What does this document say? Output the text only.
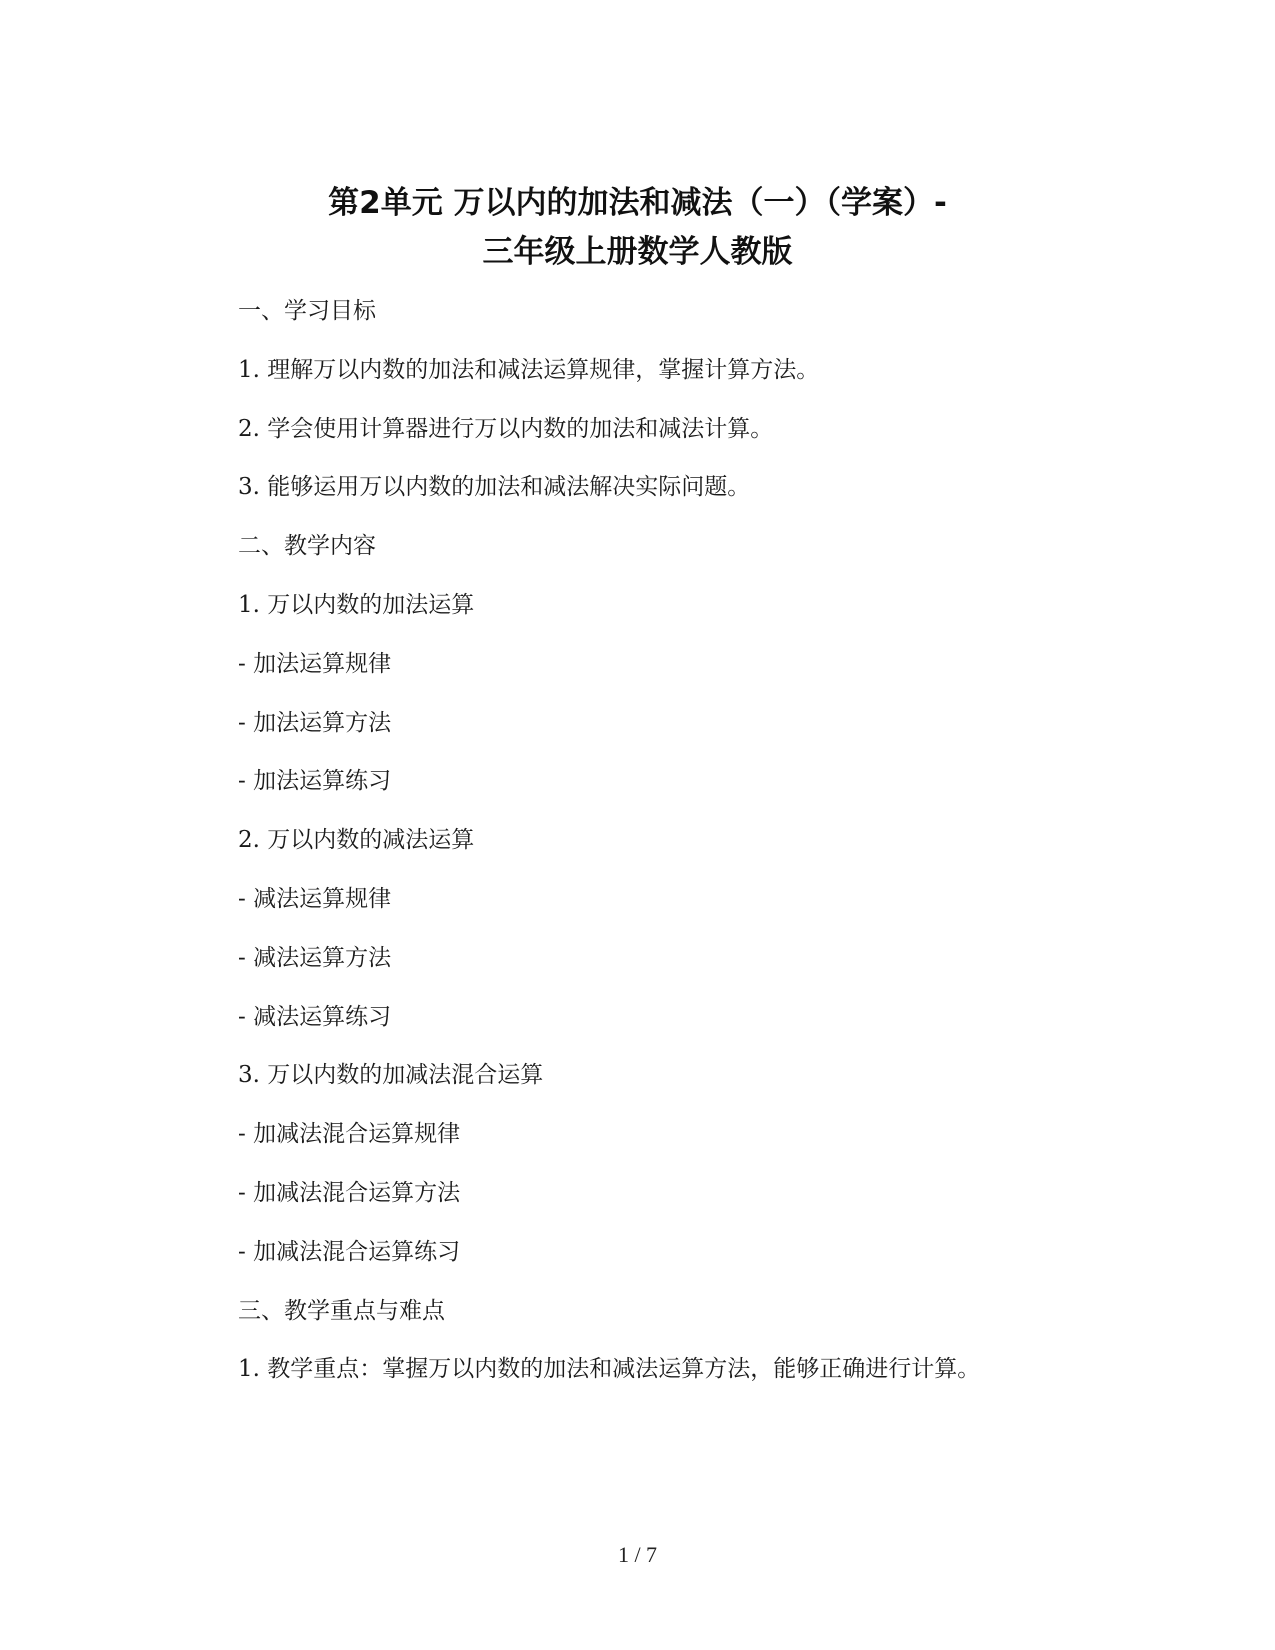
第2单元 万以内的加法和减法（一）（学案）-
三年级上册数学人教版
一、学习目标
1. 理解万以内数的加法和减法运算规律，掌握计算方法。
2. 学会使用计算器进行万以内数的加法和减法计算。
3. 能够运用万以内数的加法和减法解决实际问题。
二、教学内容
1. 万以内数的加法运算
- 加法运算规律
- 加法运算方法
- 加法运算练习
2. 万以内数的减法运算
- 减法运算规律
- 减法运算方法
- 减法运算练习
3. 万以内数的加减法混合运算
- 加减法混合运算规律
- 加减法混合运算方法
- 加减法混合运算练习
三、教学重点与难点
1. 教学重点：掌握万以内数的加法和减法运算方法，能够正确进行计算。
1 / 7
